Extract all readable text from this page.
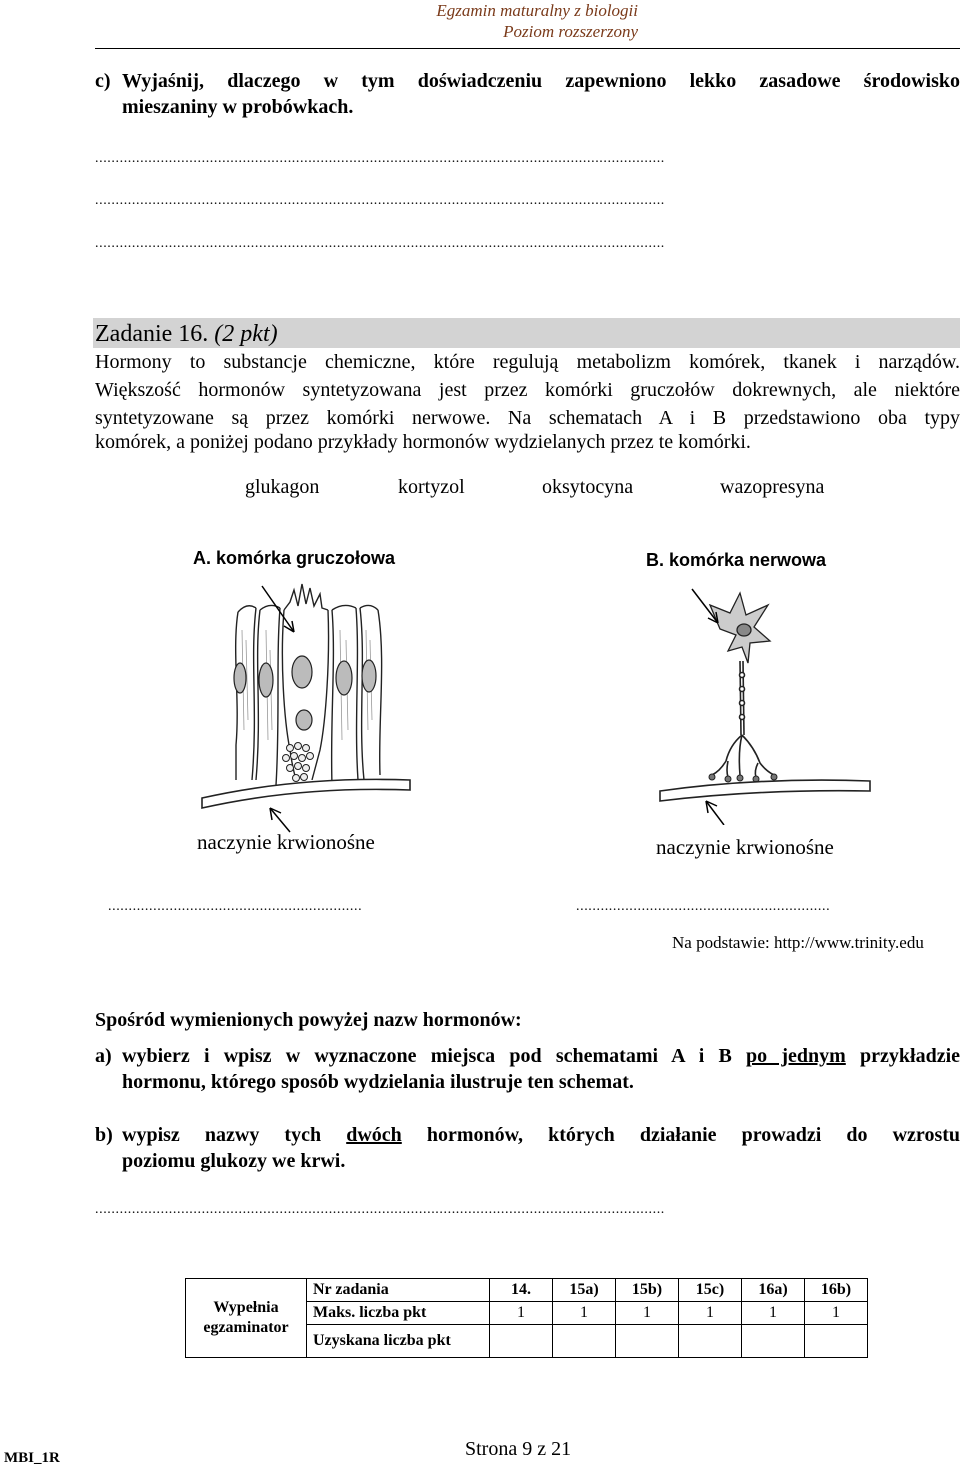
Egzamin maturalny z biologii
Poziom rozszerzony
c) Wyjaśnij, dlaczego w tym doświadczeniu zapewniono lekko zasadowe środowisko
mieszaniny w probówkach.
...........................................................................................................................................
...........................................................................................................................................
...........................................................................................................................................
Zadanie 16. (2 pkt)
Hormony to substancje chemiczne, które regulują metabolizm komórek, tkanek i narządów.
Większość hormonów syntetyzowana jest przez komórki gruczołów dokrewnych, ale niektóre
syntetyzowane są przez komórki nerwowe. Na schematach A i B przedstawiono oba typy
komórek, a poniżej podano przykłady hormonów wydzielanych przez te komórki.
glukagon	kortyzol	oksytocyna	wazopresyna
A. komórka gruczołowa	B. komórka nerwowa
naczynie krwionośne	naczynie krwionośne
..............................................................	..............................................................
Na podstawie: http://www.trinity.edu
Spośród wymienionych powyżej nazw hormonów:
a) wybierz i wpisz w wyznaczone miejsca pod schematami A i B po jednym przykładzie
hormonu, którego sposób wydzielania ilustruje ten schemat.
b) wypisz nazwy tych dwóch hormonów, których działanie prowadzi do wzrostu
poziomu glukozy we krwi.
...........................................................................................................................................
Wypełnia
egzaminator	Nr zadania	14.	15a)	15b)	15c)	16a)	16b)
	Maks. liczba pkt	1	1	1	1	1	1
	Uzyskana liczba pkt						
MBI_1R	Strona 9 z 21
